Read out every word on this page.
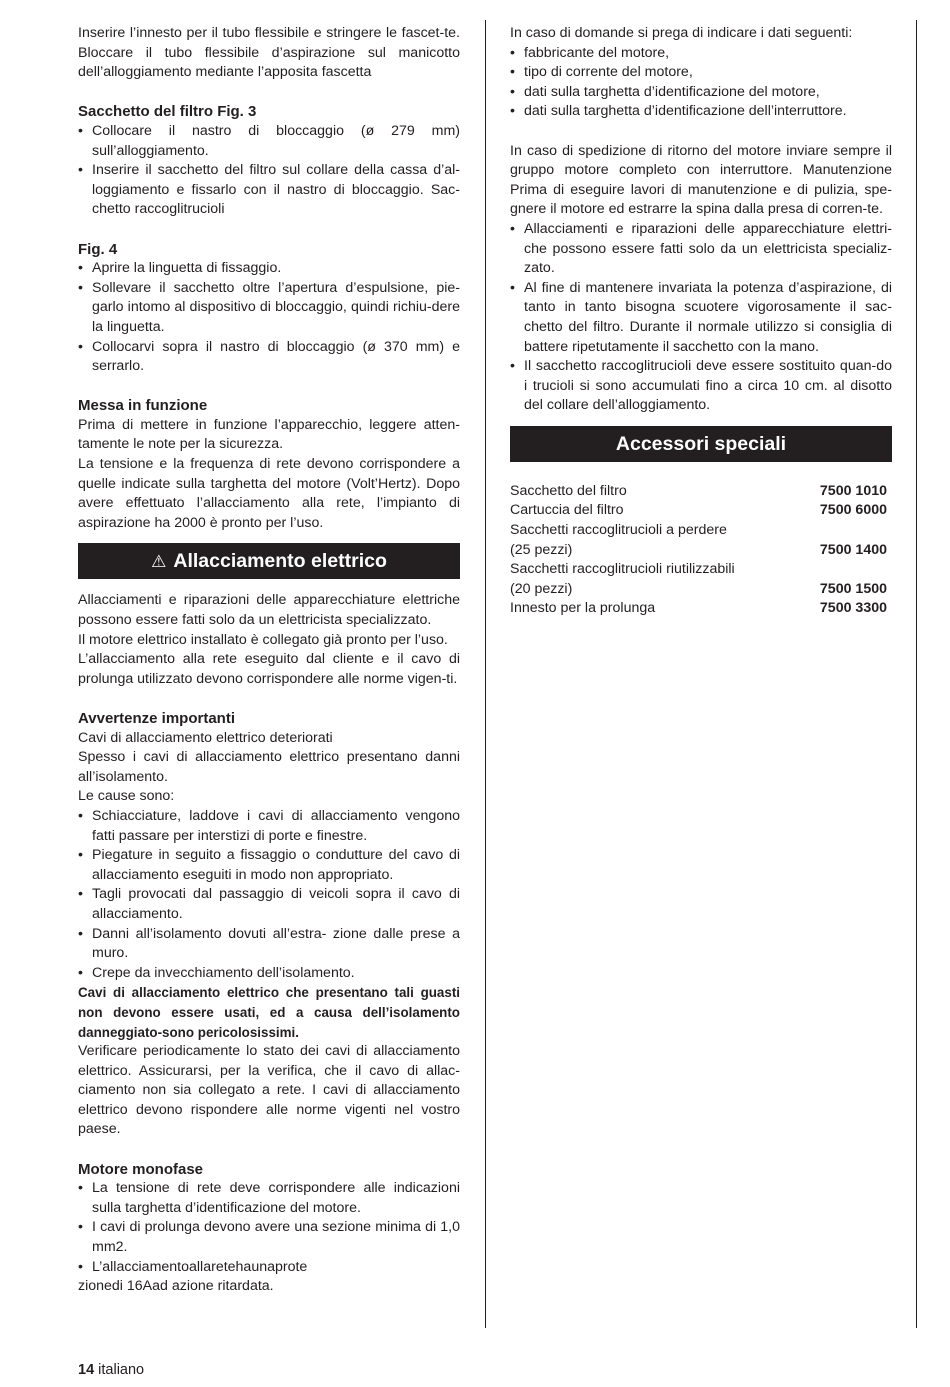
Inserire l’innesto per il tubo flessibile e stringere le fascet-te. Bloccare il tubo flessibile d’aspirazione sul manicotto dell’alloggiamento mediante l’apposita fascetta

Sacchetto del filtro Fig. 3

• Collocare il nastro di bloccaggio (ø 279 mm) sull’alloggiamento.
• Inserire il sacchetto del filtro sul collare della cassa d’al-loggiamento e fissarlo con il nastro di bloccaggio. Sac-chetto raccoglitrucioli

Fig. 4

• Aprire la linguetta di fissaggio.
• Sollevare il sacchetto oltre l’apertura d’espulsione, pie-garlo intomo al dispositivo di bloccaggio, quindi richiu-dere la linguetta.
• Collocarvi sopra il nastro di bloccaggio (ø 370 mm) e serrarlo.

Messa in funzione

Prima di mettere in funzione l’apparecchio, leggere atten-tamente le note per la sicurezza.

La tensione e la frequenza di rete devono corrispondere a quelle indicate sulla targhetta del motore (Volt’Hertz). Dopo avere effettuato l’allacciamento alla rete, l’impianto di aspirazione ha 2000 è pronto per l’uso.

⚠ Allacciamento elettrico

Allacciamenti e riparazioni delle apparecchiature elettriche possono essere fatti solo da un elettricista specializzato.

Il motore elettrico installato è collegato già pronto per l’uso.

L’allacciamento alla rete eseguito dal cliente e il cavo di prolunga utilizzato devono corrispondere alle norme vigen-ti.

Avvertenze importanti

Cavi di allacciamento elettrico deteriorati

Spesso i cavi di allacciamento elettrico presentano danni all’isolamento.

Le cause sono:

• Schiacciature, laddove i cavi di allacciamento vengono fatti passare per interstizi di porte e finestre.
• Piegature in seguito a fissaggio o condutture del cavo di allacciamento eseguiti in modo non appropriato.
• Tagli provocati dal passaggio di veicoli sopra il cavo di allacciamento.
• Danni all’isolamento dovuti all’estra- zione dalle prese a muro.
• Crepe da invecchiamento dell’isolamento.

Cavi di allacciamento elettrico che presentano tali guasti non devono essere usati, ed a causa dell’isolamento danneggiato-sono pericolosissimi.

Verificare periodicamente lo stato dei cavi di allacciamento elettrico. Assicurarsi, per la verifica, che il cavo di allac-ciamento non sia collegato a rete. I cavi di allacciamento elettrico devono rispondere alle norme vigenti nel vostro paese.

Motore monofase

• La tensione di rete deve corrispondere alle indicazioni sulla targhetta d’identificazione del motore.
• I cavi di prolunga devono avere una sezione minima di 1,0 mm2.
• L’allacciamentoallaretehaunaprote

zionedi 16Aad azione ritardata.

In caso di domande si prega di indicare i dati seguenti:

• fabbricante del motore,
• tipo di corrente del motore,
• dati sulla targhetta d’identificazione del motore,
• dati sulla targhetta d’identificazione dell’interruttore.

In caso di spedizione di ritorno del motore inviare sempre il gruppo motore completo con interruttore. Manutenzione Prima di eseguire lavori di manutenzione e di pulizia, spe-gnere il motore ed estrarre la spina dalla presa di corren-te.

• Allacciamenti e riparazioni delle apparecchiature elettri-che possono essere fatti solo da un elettricista specializ-zato.
• Al fine di mantenere invariata la potenza d’aspirazione, di tanto in tanto bisogna scuotere vigorosamente il sac-chetto del filtro. Durante il normale utilizzo si consiglia di battere ripetutamente il sacchetto con la mano.
• Il sacchetto raccoglitrucioli deve essere sostituito quan-do i trucioli si sono accumulati fino a circa 10 cm. al disotto del collare dell’alloggiamento.
Accessori speciali
Sacchetto del filtro	7500 1010
Cartuccia del filtro	7500 6000
Sacchetti raccoglitrucioli a perdere	
(25 pezzi)	7500 1400
Sacchetti raccoglitrucioli riutilizzabili	
(20 pezzi)	7500 1500
Innesto per la prolunga	7500 3300
14 italiano
